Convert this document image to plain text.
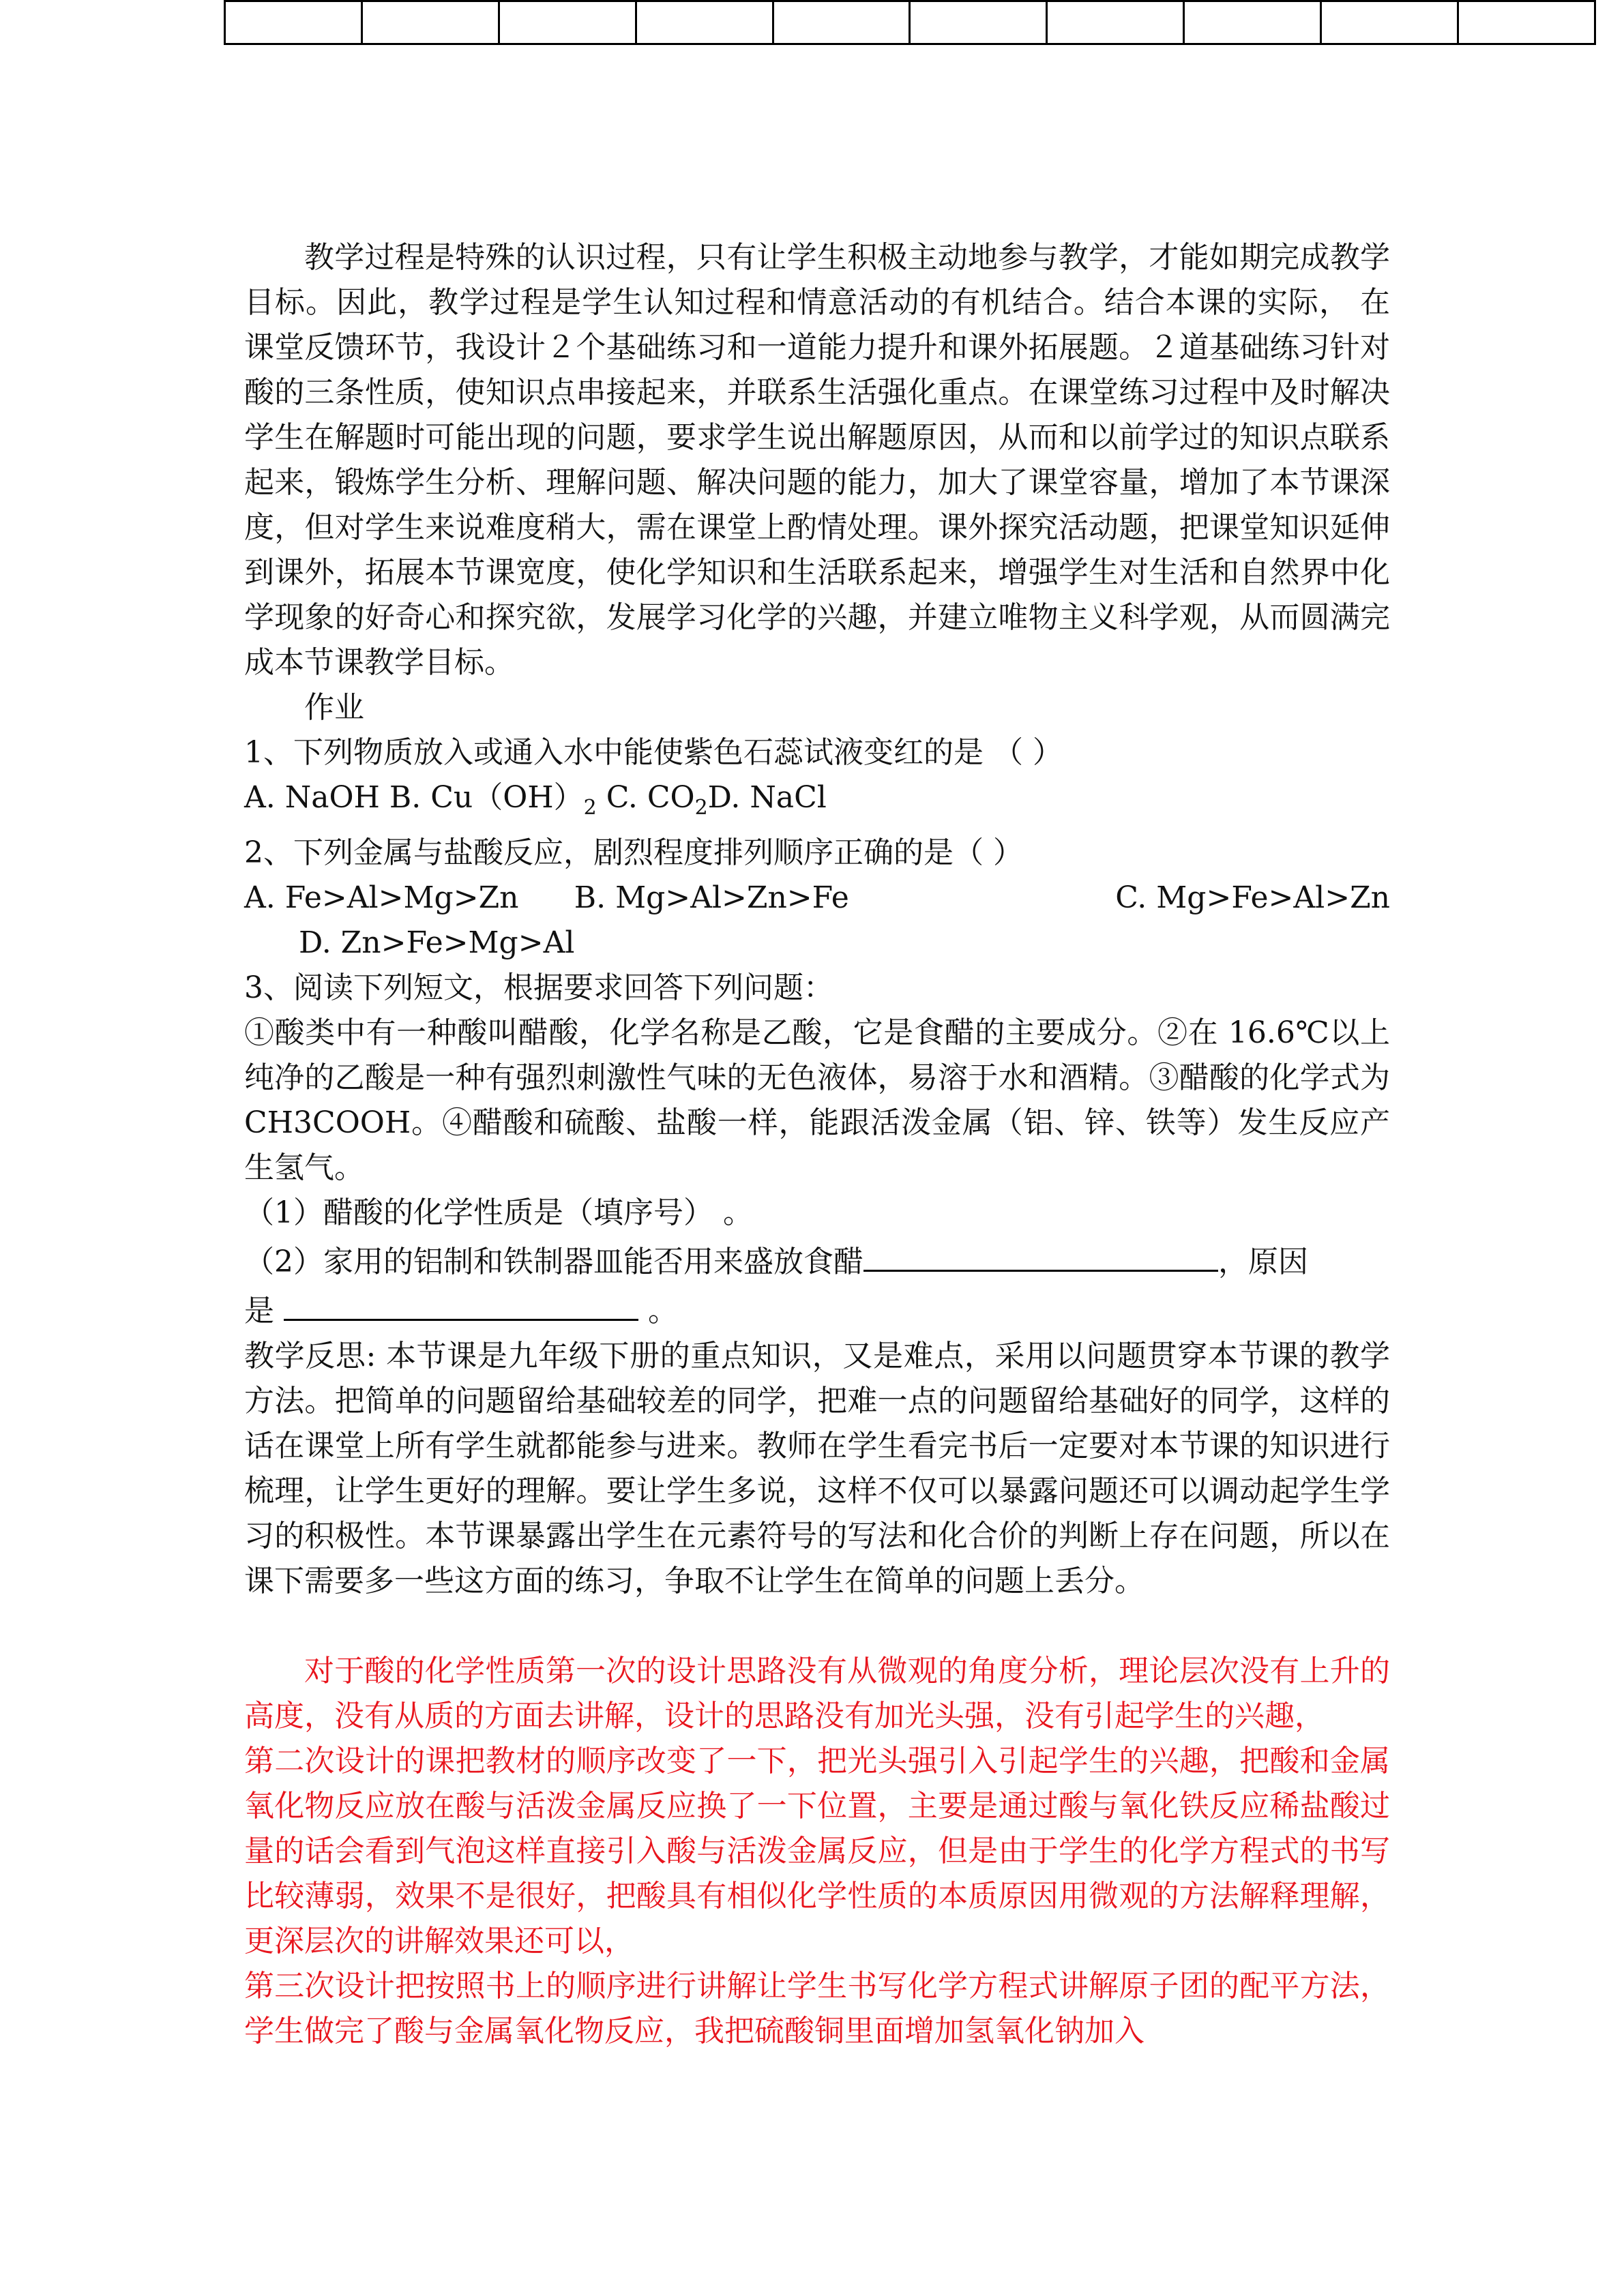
教学过程是特殊的认识过程，只有让学生积极主动地参与教学，才能如期完成教学目标。因此，教学过程是学生认知过程和情意活动的有机结合。结合本课的实际， 在课堂反馈环节，我设计２个基础练习和一道能力提升和课外拓展题。２道基础练习针对酸的三条性质，使知识点串接起来，并联系生活强化重点。在课堂练习过程中及时解决学生在解题时可能出现的问题，要求学生说出解题原因，从而和以前学过的知识点联系起来，锻炼学生分析、理解问题、解决问题的能力，加大了课堂容量，增加了本节课深度，但对学生来说难度稍大，需在课堂上酌情处理。课外探究活动题，把课堂知识延伸到课外，拓展本节课宽度，使化学知识和生活联系起来，增强学生对生活和自然界中化学现象的好奇心和探究欲，发展学习化学的兴趣，并建立唯物主义科学观，从而圆满完成本节课教学目标。

作业

1、下列物质放入或通入水中能使紫色石蕊试液变红的是 （ ）

A. NaOH B. $Cu(OH)_2$ C. $CO_2D$. NaCl

2、下列金属与盐酸反应，剧烈程度排列顺序正确的是（ ）

A. Fe>Al>Mg>Zn	B. Mg>Al>Zn>Fe	C. Mg>Fe>Al>Zn

D. Zn>Fe>Mg>Al

3、阅读下列短文，根据要求回答下列问题：

①酸类中有一种酸叫醋酸，化学名称是乙酸，它是食醋的主要成分。②在 16.6℃以上纯净的乙酸是一种有强烈刺激性气味的无色液体，易溶于水和酒精。③醋酸的化学式为 CH3COOH。④醋酸和硫酸、盐酸一样，能跟活泼金属（铝、锌、铁等）发生反应产生氢气。

（1）醋酸的化学性质是（填序号） 。

（2）家用的铝制和铁制器皿能否用来盛放食醋	，原因

是	。

教学反思: 本节课是九年级下册的重点知识，又是难点，采用以问题贯穿本节课的教学方法。把简单的问题留给基础较差的同学，把难一点的问题留给基础好的同学，这样的话在课堂上所有学生就都能参与进来。教师在学生看完书后一定要对本节课的知识进行梳理，让学生更好的理解。要让学生多说，这样不仅可以暴露问题还可以调动起学生学习的积极性。本节课暴露出学生在元素符号的写法和化合价的判断上存在问题，所以在课下需要多一些这方面的练习，争取不让学生在简单的问题上丢分。

对于酸的化学性质第一次的设计思路没有从微观的角度分析，理论层次没有上升的高度，没有从质的方面去讲解，设计的思路没有加光头强，没有引起学生的兴趣，

第二次设计的课把教材的顺序改变了一下，把光头强引入引起学生的兴趣，把酸和金属氧化物反应放在酸与活泼金属反应换了一下位置，主要是通过酸与氧化铁反应稀盐酸过量的话会看到气泡这样直接引入酸与活泼金属反应，但是由于学生的化学方程式的书写比较薄弱，效果不是很好，把酸具有相似化学性质的本质原因用微观的方法解释理解，更深层次的讲解效果还可以，

第三次设计把按照书上的顺序进行讲解让学生书写化学方程式讲解原子团的配平方法，学生做完了酸与金属氧化物反应，我把硫酸铜里面增加氢氧化钠加入
